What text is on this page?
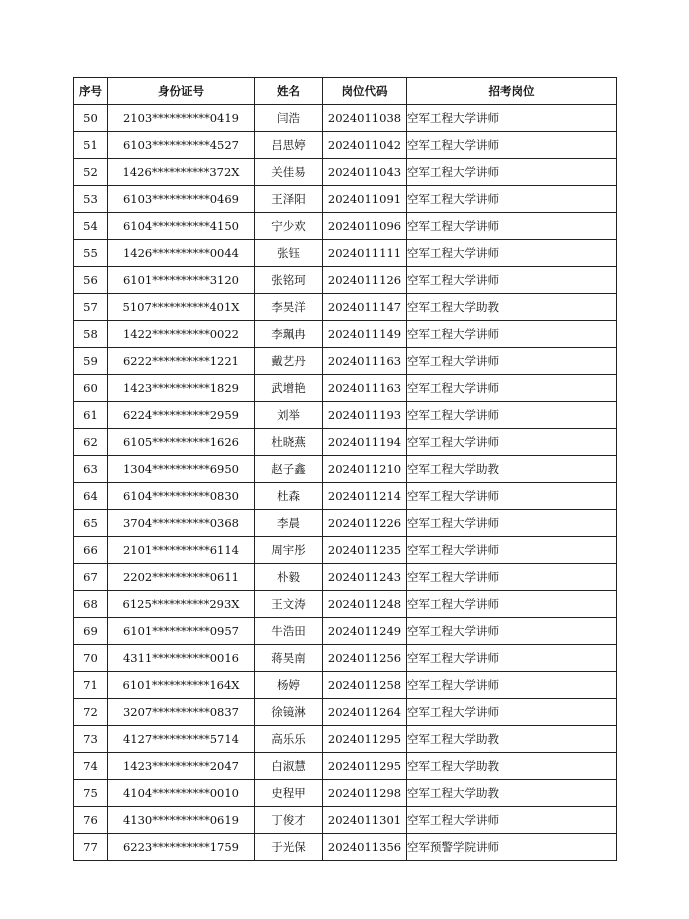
序号	身份证号	姓名	岗位代码	招考岗位
50	2103**********0419	闫浩	2024011038	空军工程大学讲师
51	6103**********4527	吕思婷	2024011042	空军工程大学讲师
52	1426**********372X	关佳易	2024011043	空军工程大学讲师
53	6103**********0469	王泽阳	2024011091	空军工程大学讲师
54	6104**********4150	宁少欢	2024011096	空军工程大学讲师
55	1426**********0044	张钰	2024011111	空军工程大学讲师
56	6101**********3120	张铭珂	2024011126	空军工程大学讲师
57	5107**********401X	李昊洋	2024011147	空军工程大学助教
58	1422**********0022	李珮冉	2024011149	空军工程大学讲师
59	6222**********1221	戴艺丹	2024011163	空军工程大学讲师
60	1423**********1829	武增艳	2024011163	空军工程大学讲师
61	6224**********2959	刘举	2024011193	空军工程大学讲师
62	6105**********1626	杜晓燕	2024011194	空军工程大学讲师
63	1304**********6950	赵子鑫	2024011210	空军工程大学助教
64	6104**********0830	杜森	2024011214	空军工程大学讲师
65	3704**********0368	李晨	2024011226	空军工程大学讲师
66	2101**********6114	周宇彤	2024011235	空军工程大学讲师
67	2202**********0611	朴毅	2024011243	空军工程大学讲师
68	6125**********293X	王文涛	2024011248	空军工程大学讲师
69	6101**********0957	牛浩田	2024011249	空军工程大学讲师
70	4311**********0016	蒋昊南	2024011256	空军工程大学讲师
71	6101**********164X	杨婷	2024011258	空军工程大学讲师
72	3207**********0837	徐镜淋	2024011264	空军工程大学讲师
73	4127**********5714	高乐乐	2024011295	空军工程大学助教
74	1423**********2047	白淑慧	2024011295	空军工程大学助教
75	4104**********0010	史程甲	2024011298	空军工程大学助教
76	4130**********0619	丁俊才	2024011301	空军工程大学讲师
77	6223**********1759	于光保	2024011356	空军预警学院讲师
